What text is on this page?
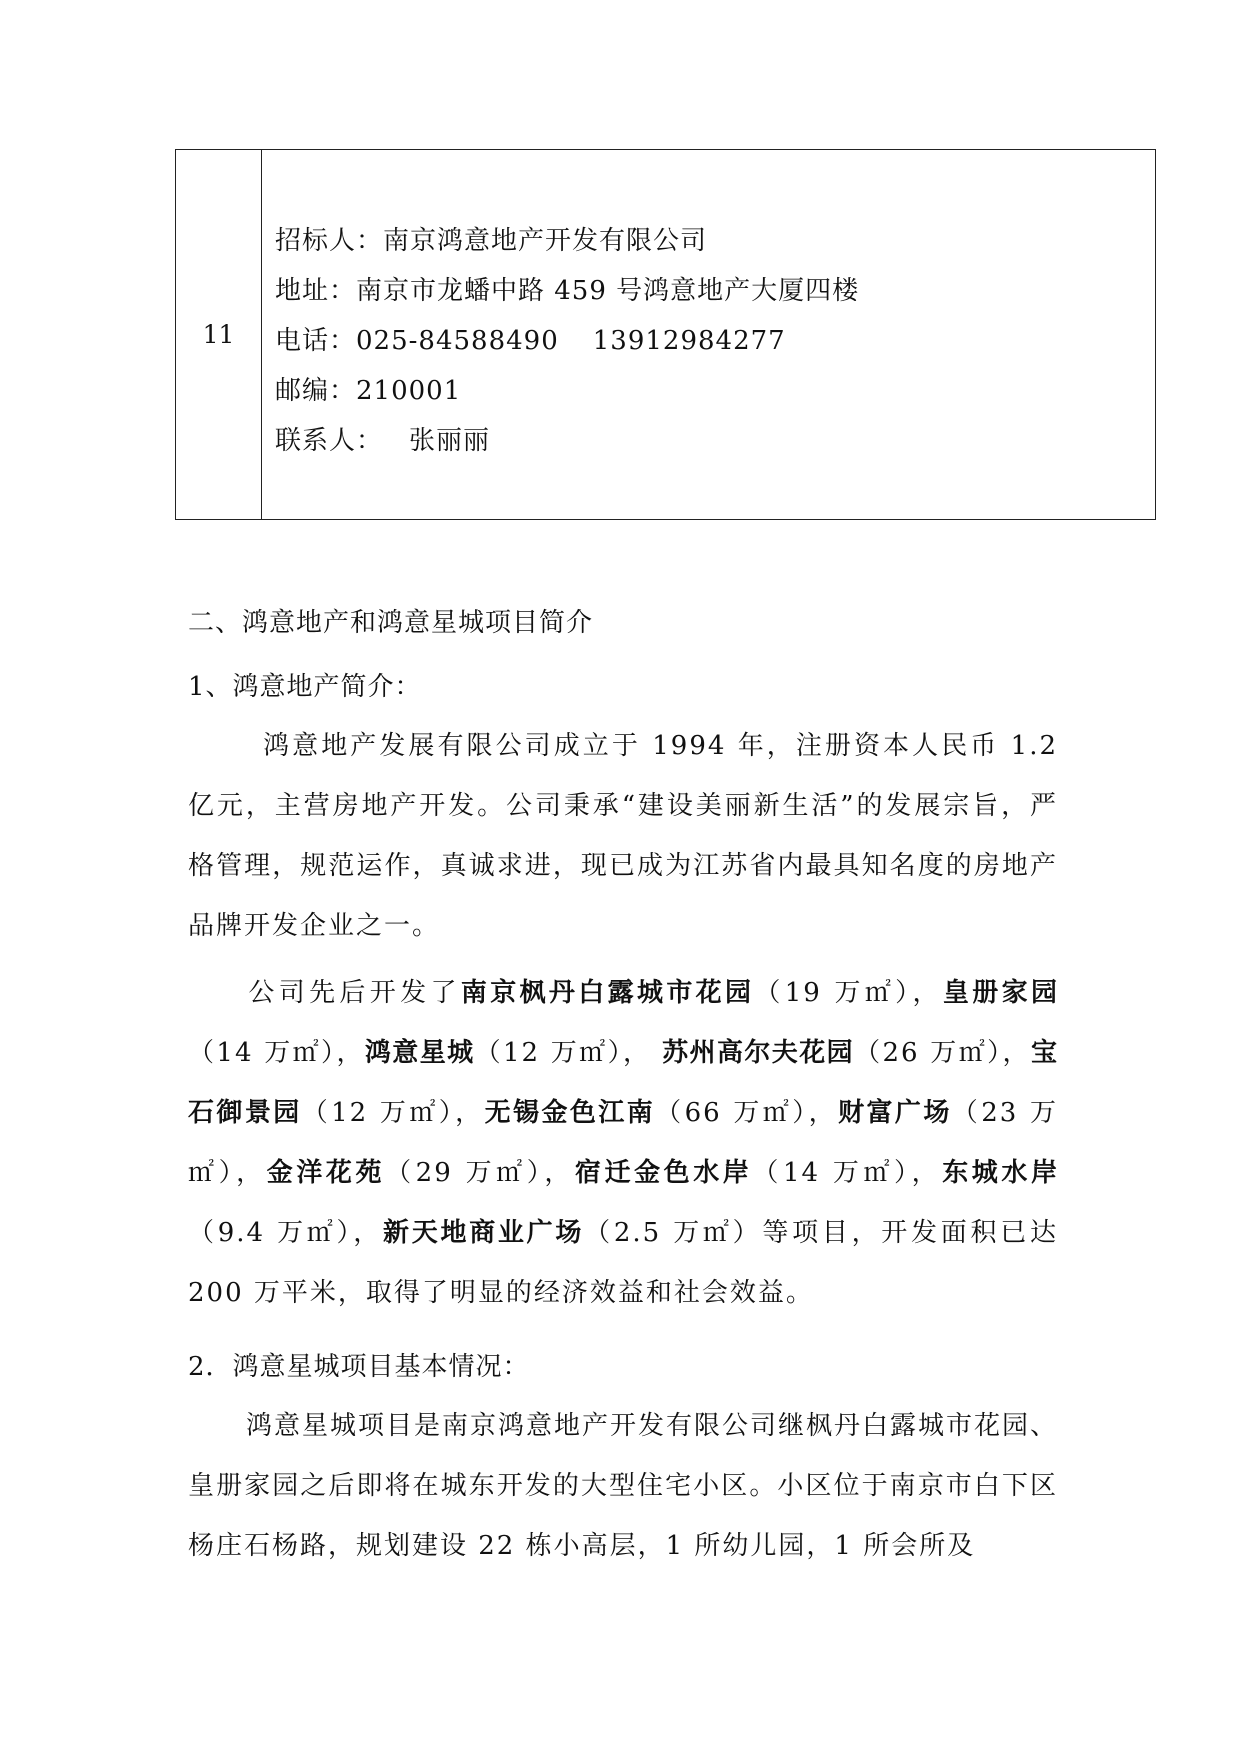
11
招标人：南京鸿意地产开发有限公司
地址：南京市龙蟠中路 459 号鸿意地产大厦四楼
电话：025-84588490 13912984277
邮编：210001
联系人： 张丽丽
二、鸿意地产和鸿意星城项目简介
1、鸿意地产简介：
鸿意地产发展有限公司成立于 1994 年，注册资本人民币 1.2 亿元，主营房地产开发。公司秉承“建设美丽新生活”的发展宗旨，严格管理，规范运作，真诚求进，现已成为江苏省内最具知名度的房地产品牌开发企业之一。
公司先后开发了南京枫丹白露城市花园（19 万㎡），皇册家园（14 万㎡），鸿意星城（12 万㎡）， 苏州高尔夫花园（26 万㎡），宝石御景园（12 万㎡），无锡金色江南（66 万㎡），财富广场（23 万㎡），金洋花苑（29 万㎡），宿迁金色水岸（14 万㎡），东城水岸（9.4 万㎡），新天地商业广场（2.5 万㎡）等项目，开发面积已达 200 万平米，取得了明显的经济效益和社会效益。
2．鸿意星城项目基本情况：
鸿意星城项目是南京鸿意地产开发有限公司继枫丹白露城市花园、皇册家园之后即将在城东开发的大型住宅小区。小区位于南京市白下区杨庄石杨路，规划建设 22 栋小高层，1 所幼儿园，1 所会所及
